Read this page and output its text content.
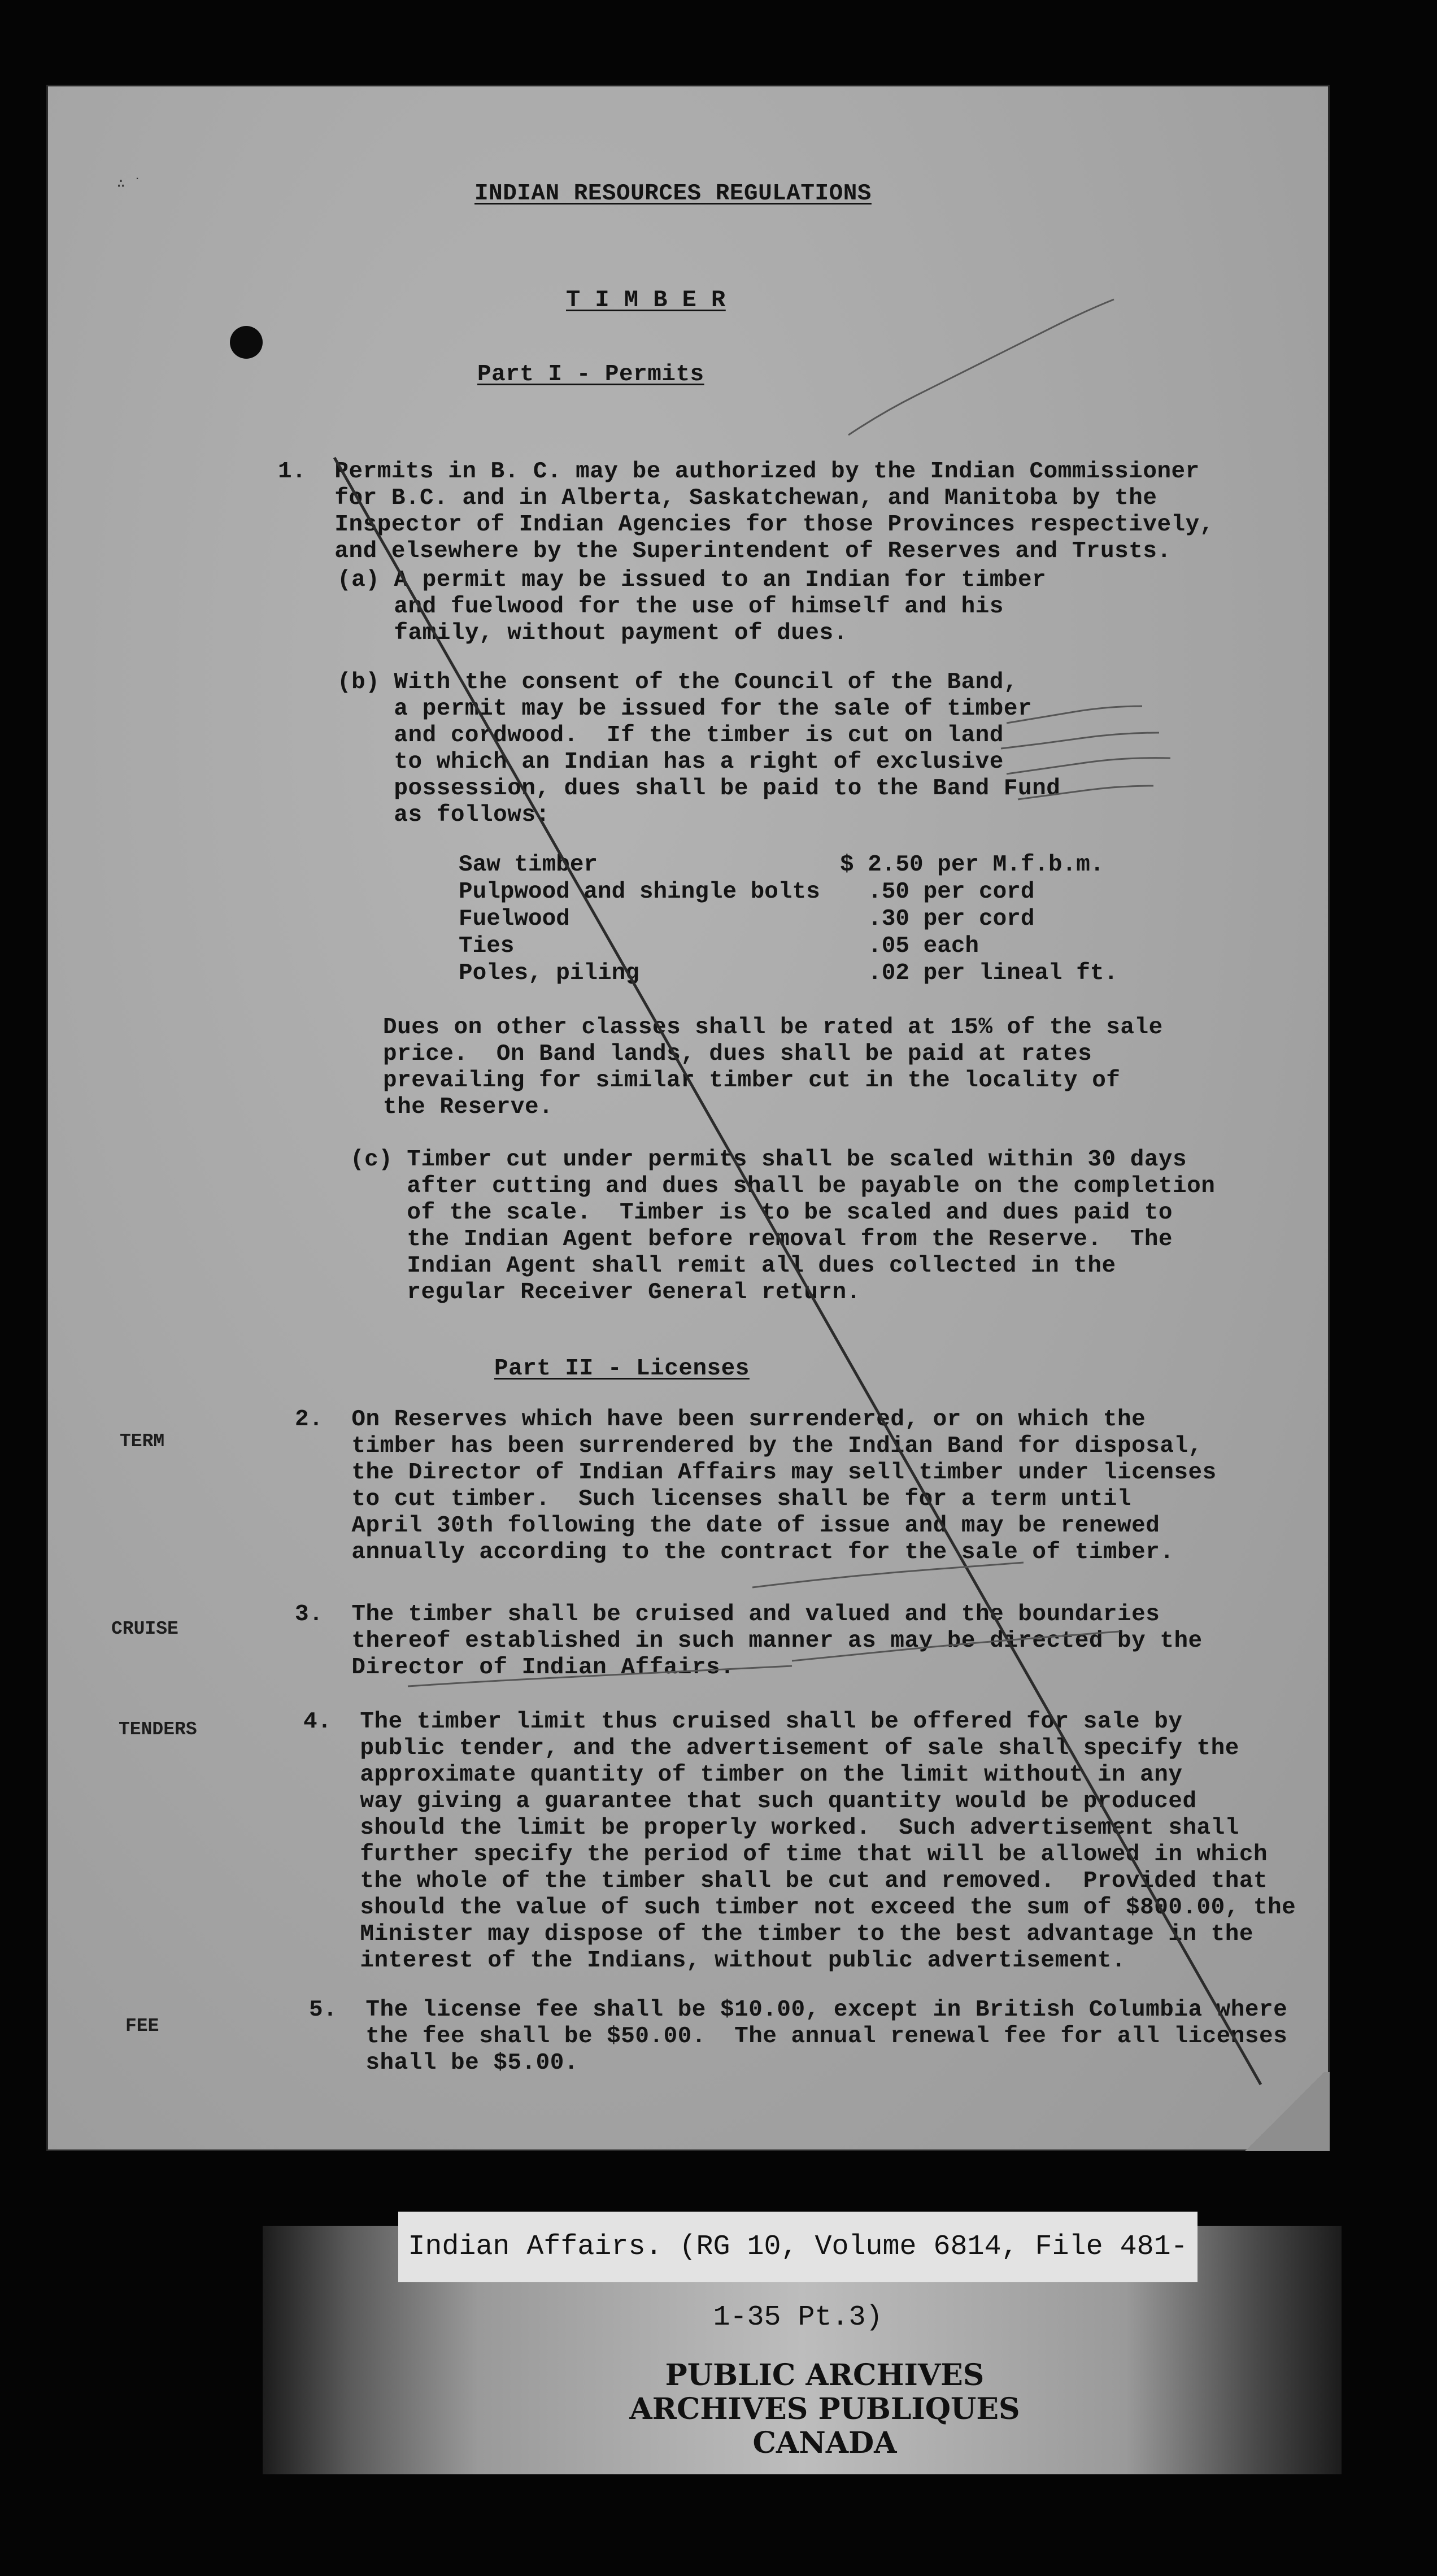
∴ ˙	INDIAN RESOURCES REGULATIONS
T I M B E R
Part I - Permits
1.  Permits in B. C. may be authorized by the Indian Commissioner
for B.C. and in Alberta, Saskatchewan, and Manitoba by the
Inspector of Indian Agencies for those Provinces respectively,
and elsewhere by the Superintendent of Reserves and Trusts.
(a) A permit may be issued to an Indian for timber
and fuelwood for the use of himself and his
family, without payment of dues.
(b) With the consent of the Council of the Band,
a permit may be issued for the sale of timber
and cordwood.  If the timber is cut on land
to which an Indian has a right of exclusive
possession, dues shall be paid to the Band Fund
as follows:
Saw timber	$ 2.50 per M.f.b.m.
Pulpwood and shingle bolts .50 per cord
Fuelwood	.30 per cord
Ties	.05 each
Poles, piling	.02 per lineal ft.
Dues on other classes shall be rated at 15% of the sale
price.  On Band lands, dues shall be paid at rates
prevailing for similar timber cut in the locality of
the Reserve.
(c) Timber cut under permits shall be scaled within 30 days
after cutting and dues shall be payable on the completion
of the scale.  Timber is to be scaled and dues paid to
the Indian Agent before removal from the Reserve.  The
Indian Agent shall remit all dues collected in the
regular Receiver General return.
Part II - Licenses
TERM
2.  On Reserves which have been surrendered, or on which the
timber has been surrendered by the Indian Band for disposal,
the Director of Indian Affairs may sell timber under licenses
to cut timber.  Such licenses shall be for a term until
April 30th following the date of issue and may be renewed
annually according to the contract for the sale of timber.
CRUISE
3.  The timber shall be cruised and valued and the boundaries
thereof established in such manner as may be directed by the
Director of Indian Affairs.
TENDERS	4.  The timber limit thus cruised shall be offered for sale by
public tender, and the advertisement of sale shall specify the
approximate quantity of timber on the limit without in any
way giving a guarantee that such quantity would be produced
should the limit be properly worked.  Such advertisement shall
further specify the period of time that will be allowed in which
the whole of the timber shall be cut and removed.  Provided that
should the value of such timber not exceed the sum of $800.00, the
Minister may dispose of the timber to the best advantage in the
interest of the Indians, without public advertisement.
FEE
5.  The license fee shall be $10.00, except in British Columbia where
the fee shall be $50.00.  The annual renewal fee for all licenses
shall be $5.00.
Indian Affairs. (RG 10, Volume 6814, File 481-1-35 Pt.3)
PUBLIC ARCHIVES
ARCHIVES PUBLIQUES
CANADA
